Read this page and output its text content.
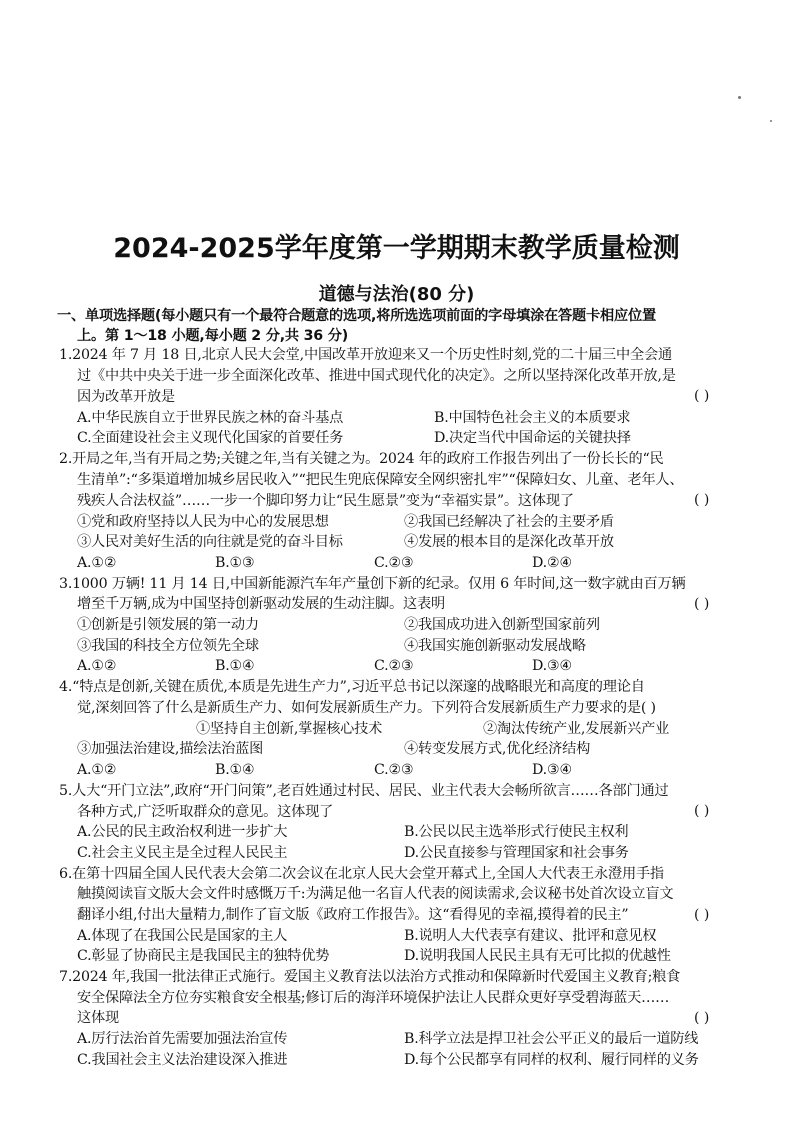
2024-2025学年度第一学期期末教学质量检测
道德与法治(80 分)
一、单项选择题(每小题只有一个最符合题意的选项,将所选选项前面的字母填涂在答题卡相应位置
上。第 1～18 小题,每小题 2 分,共 36 分)
1.2024 年 7 月 18 日,北京人民大会堂,中国改革开放迎来又一个历史性时刻,党的二十届三中全会通
过《中共中央关于进一步全面深化改革、推进中国式现代化的决定》。之所以坚持深化改革开放,是
因为改革开放是	( )
A.中华民族自立于世界民族之林的奋斗基点	B.中国特色社会主义的本质要求
C.全面建设社会主义现代化国家的首要任务	D.决定当代中国命运的关键抉择
2.开局之年,当有开局之势;关键之年,当有关键之为。2024 年的政府工作报告列出了一份长长的“民
生清单”:“多渠道增加城乡居民收入”“把民生兜底保障安全网织密扎牢”“保障妇女、儿童、老年人、
残疾人合法权益”……一步一个脚印努力让“民生愿景”变为“幸福实景”。这体现了	( )
①党和政府坚持以人民为中心的发展思想	②我国已经解决了社会的主要矛盾
③人民对美好生活的向往就是党的奋斗目标	④发展的根本目的是深化改革开放
A.①②	B.①③	C.②③	D.②④
3.1000 万辆! 11 月 14 日,中国新能源汽车年产量创下新的纪录。仅用 6 年时间,这一数字就由百万辆
增至千万辆,成为中国坚持创新驱动发展的生动注脚。这表明	( )
①创新是引领发展的第一动力	②我国成功进入创新型国家前列
③我国的科技全方位领先全球	④我国实施创新驱动发展战略
A.①②	B.①④	C.②③	D.③④
4.“特点是创新,关键在质优,本质是先进生产力”,习近平总书记以深邃的战略眼光和高度的理论自
觉,深刻回答了什么是新质生产力、如何发展新质生产力。下列符合发展新质生产力要求的是( )
①坚持自主创新,掌握核心技术	②淘汰传统产业,发展新兴产业
③加强法治建设,描绘法治蓝图	④转变发展方式,优化经济结构
A.①②	B.①④	C.②③	D.③④
5.人大“开门立法”,政府“开门问策”,老百姓通过村民、居民、业主代表大会畅所欲言……各部门通过
各种方式,广泛听取群众的意见。这体现了	( )
A.公民的民主政治权利进一步扩大	B.公民以民主选举形式行使民主权利
C.社会主义民主是全过程人民民主	D.公民直接参与管理国家和社会事务
6.在第十四届全国人民代表大会第二次会议在北京人民大会堂开幕式上,全国人大代表王永澄用手指
触摸阅读盲文版大会文件时感慨万千:为满足他一名盲人代表的阅读需求,会议秘书处首次设立盲文
翻译小组,付出大量精力,制作了盲文版《政府工作报告》。这“看得见的幸福,摸得着的民主”	( )
A.体现了在我国公民是国家的主人	B.说明人大代表享有建议、批评和意见权
C.彰显了协商民主是我国民主的独特优势	D.说明我国人民民主具有无可比拟的优越性
7.2024 年,我国一批法律正式施行。爱国主义教育法以法治方式推动和保障新时代爱国主义教育;粮食
安全保障法全方位夯实粮食安全根基;修订后的海洋环境保护法让人民群众更好享受碧海蓝天……
这体现	( )
A.厉行法治首先需要加强法治宣传	B.科学立法是捍卫社会公平正义的最后一道防线
C.我国社会主义法治建设深入推进	D.每个公民都享有同样的权利、履行同样的义务
